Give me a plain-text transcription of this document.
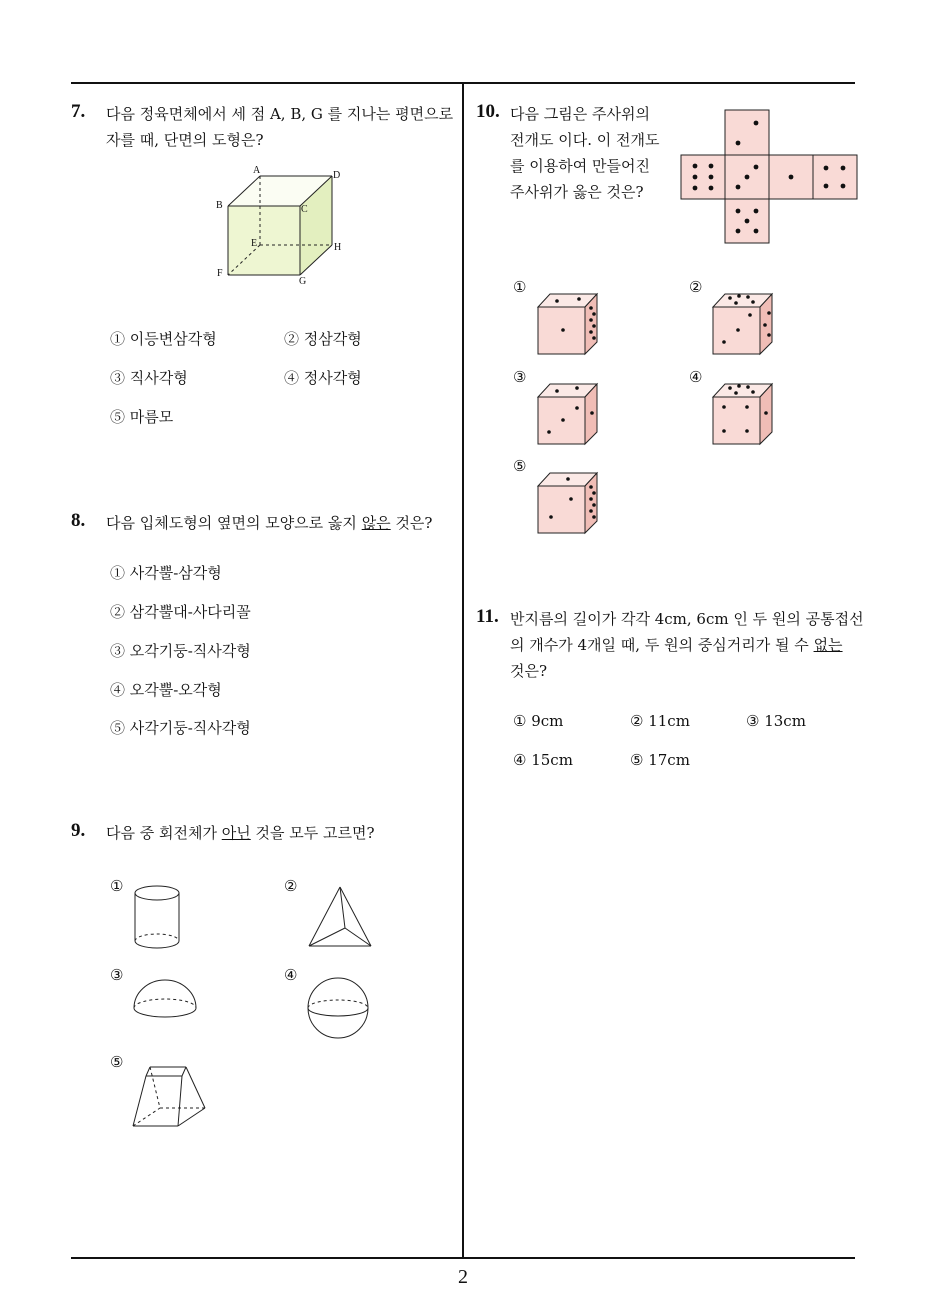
2
7. 다음 정육면체에서 세 점 A, B, G 를 지나는 평면으로
자를 때, 단면의 도형은?
A	D
B	C
E	H
F
G
① 이등변삼각형	② 정삼각형
③ 직사각형	④ 정사각형
⑤ 마름모
8. 다음 입체도형의 옆면의 모양으로 옳지 않은 것은?
① 사각뿔-삼각형
② 삼각뿔대-사다리꼴
③ 오각기둥-직사각형
④ 오각뿔-오각형
⑤ 사각기둥-직사각형
9. 다음 중 회전체가 아닌 것을 모두 고르면?
①	②
③	④
⑤
10. 다음 그림은 주사위의
전개도 이다. 이 전개도
를 이용하여 만들어진
주사위가 옳은 것은?
①	②
③	④
⑤
11. 반지름의 길이가 각각 4cm, 6cm 인 두 원의 공통접선
의 개수가 4개일 때, 두 원의 중심거리가 될 수 없는
것은?
① 9cm	② 11cm	③ 13cm
④ 15cm	⑤ 17cm
